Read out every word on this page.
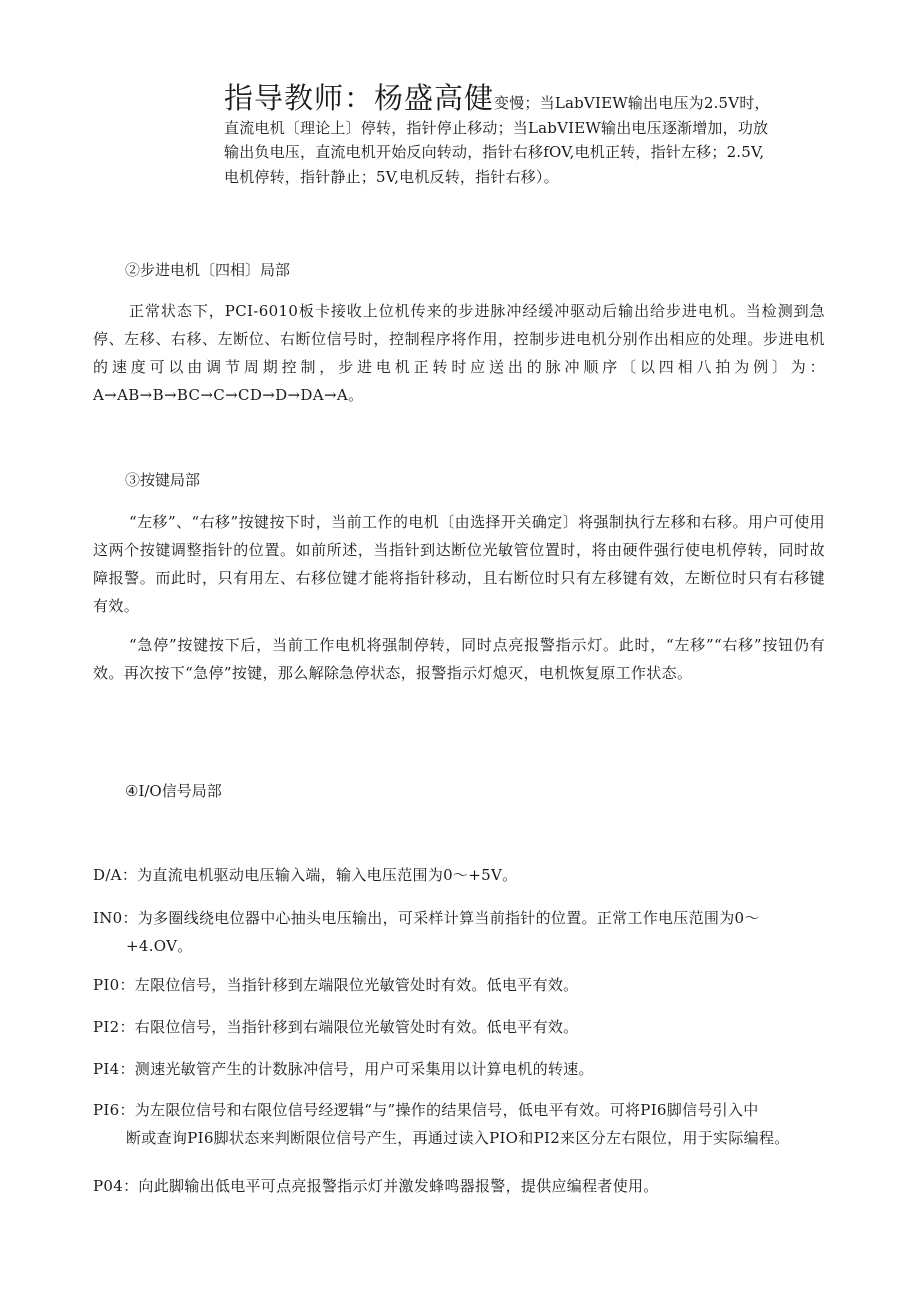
指导教师：杨盛高健变慢；当LabVIEW输出电压为2.5V时，

直流电机〔理论上〕停转，指针停止移动；当LabVIEW输出电压逐渐增加，功放

输出负电压，直流电机开始反向转动，指针右移fOV,电机正转，指针左移；2.5V,

电机停转，指针静止；5V,电机反转，指针右移）。

②步进电机〔四相〕局部

正常状态下，PCI-6010板卡接收上位机传来的步进脉冲经缓冲驱动后输出给步进电机。当检测到急停、左移、右移、左断位、右断位信号时，控制程序将作用，控制步进电机分别作出相应的处理。步进电机的速度可以由调节周期控制，步进电机正转时应送出的脉冲顺序〔以四相八拍为例〕为：A→AB→B→BC→C→CD→D→DA→A。

③按键局部

“左移”、“右移”按键按下时，当前工作的电机〔由选择开关确定〕将强制执行左移和右移。用户可使用这两个按键调整指针的位置。如前所述，当指针到达断位光敏管位置时，将由硬件强行使电机停转，同时故障报警。而此时，只有用左、右移位键才能将指针移动，且右断位时只有左移键有效，左断位时只有右移键有效。

“急停”按键按下后，当前工作电机将强制停转，同时点亮报警指示灯。此时，“左移”“右移”按钮仍有效。再次按下“急停”按键，那么解除急停状态，报警指示灯熄灭，电机恢复原工作状态。

④I/O信号局部
D/A：为直流电机驱动电压输入端，输入电压范围为0～+5V。
IN0：为多圈线绕电位器中心抽头电压输出，可采样计算当前指针的位置。正常工作电压范围为0～
+4.OV。
PI0：左限位信号，当指针移到左端限位光敏管处时有效。低电平有效。
PI2：右限位信号，当指针移到右端限位光敏管处时有效。低电平有效。
PI4：测速光敏管产生的计数脉冲信号，用户可采集用以计算电机的转速。
PI6：为左限位信号和右限位信号经逻辑“与”操作的结果信号，低电平有效。可将PI6脚信号引入中
断或查询PI6脚状态来判断限位信号产生，再通过读入PIO和PI2来区分左右限位，用于实际编程。
P04：向此脚输出低电平可点亮报警指示灯并激发蜂鸣器报警，提供应编程者使用。
